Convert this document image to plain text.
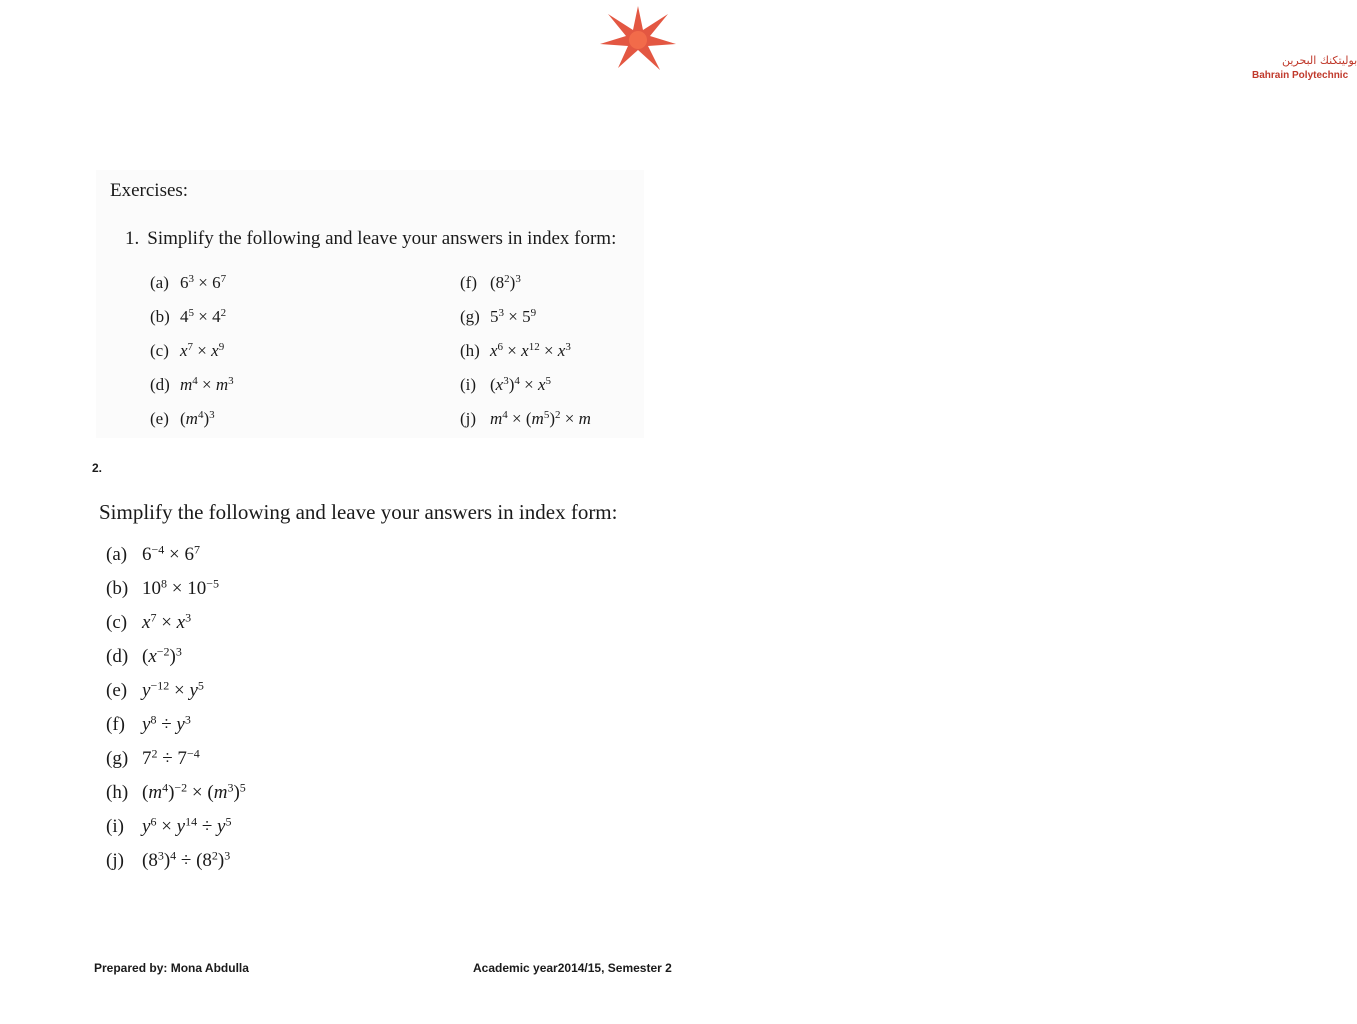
بوليتكنك البحرين
Bahrain Polytechnic
Exercises:
1. Simplify the following and leave your answers in index form:
(a) $6^3 \times 6^7$
(b) $4^5 \times 4^2$
(c) $x^7 \times x^9$
(d) $m^4 \times m^3$
(e) $(m^4)^3$
(f) $(8^2)^3$
(g) $5^3 \times 5^9$
(h) $x^6 \times x^{12} \times x^3$
(i) $(x^3)^4 \times x^5$
(j) $m^4 \times (m^5)^2 \times m$
2.
Simplify the following and leave your answers in index form:
(a) $6^{-4} \times 6^7$
(b) $10^8 \times 10^{-5}$
(c) $x^7 \times x^3$
(d) $(x^{-2})^3$
(e) $y^{-12} \times y^5$
(f) $y^8 \div y^3$
(g) $7^2 \div 7^{-4}$
(h) $(m^4)^{-2} \times (m^3)^5$
(i) $y^6 \times y^{14} \div y^5$
(j) $(8^3)^4 \div (8^2)^3$
Prepared by: Mona Abdulla	Academic year2014/15, Semester 2
